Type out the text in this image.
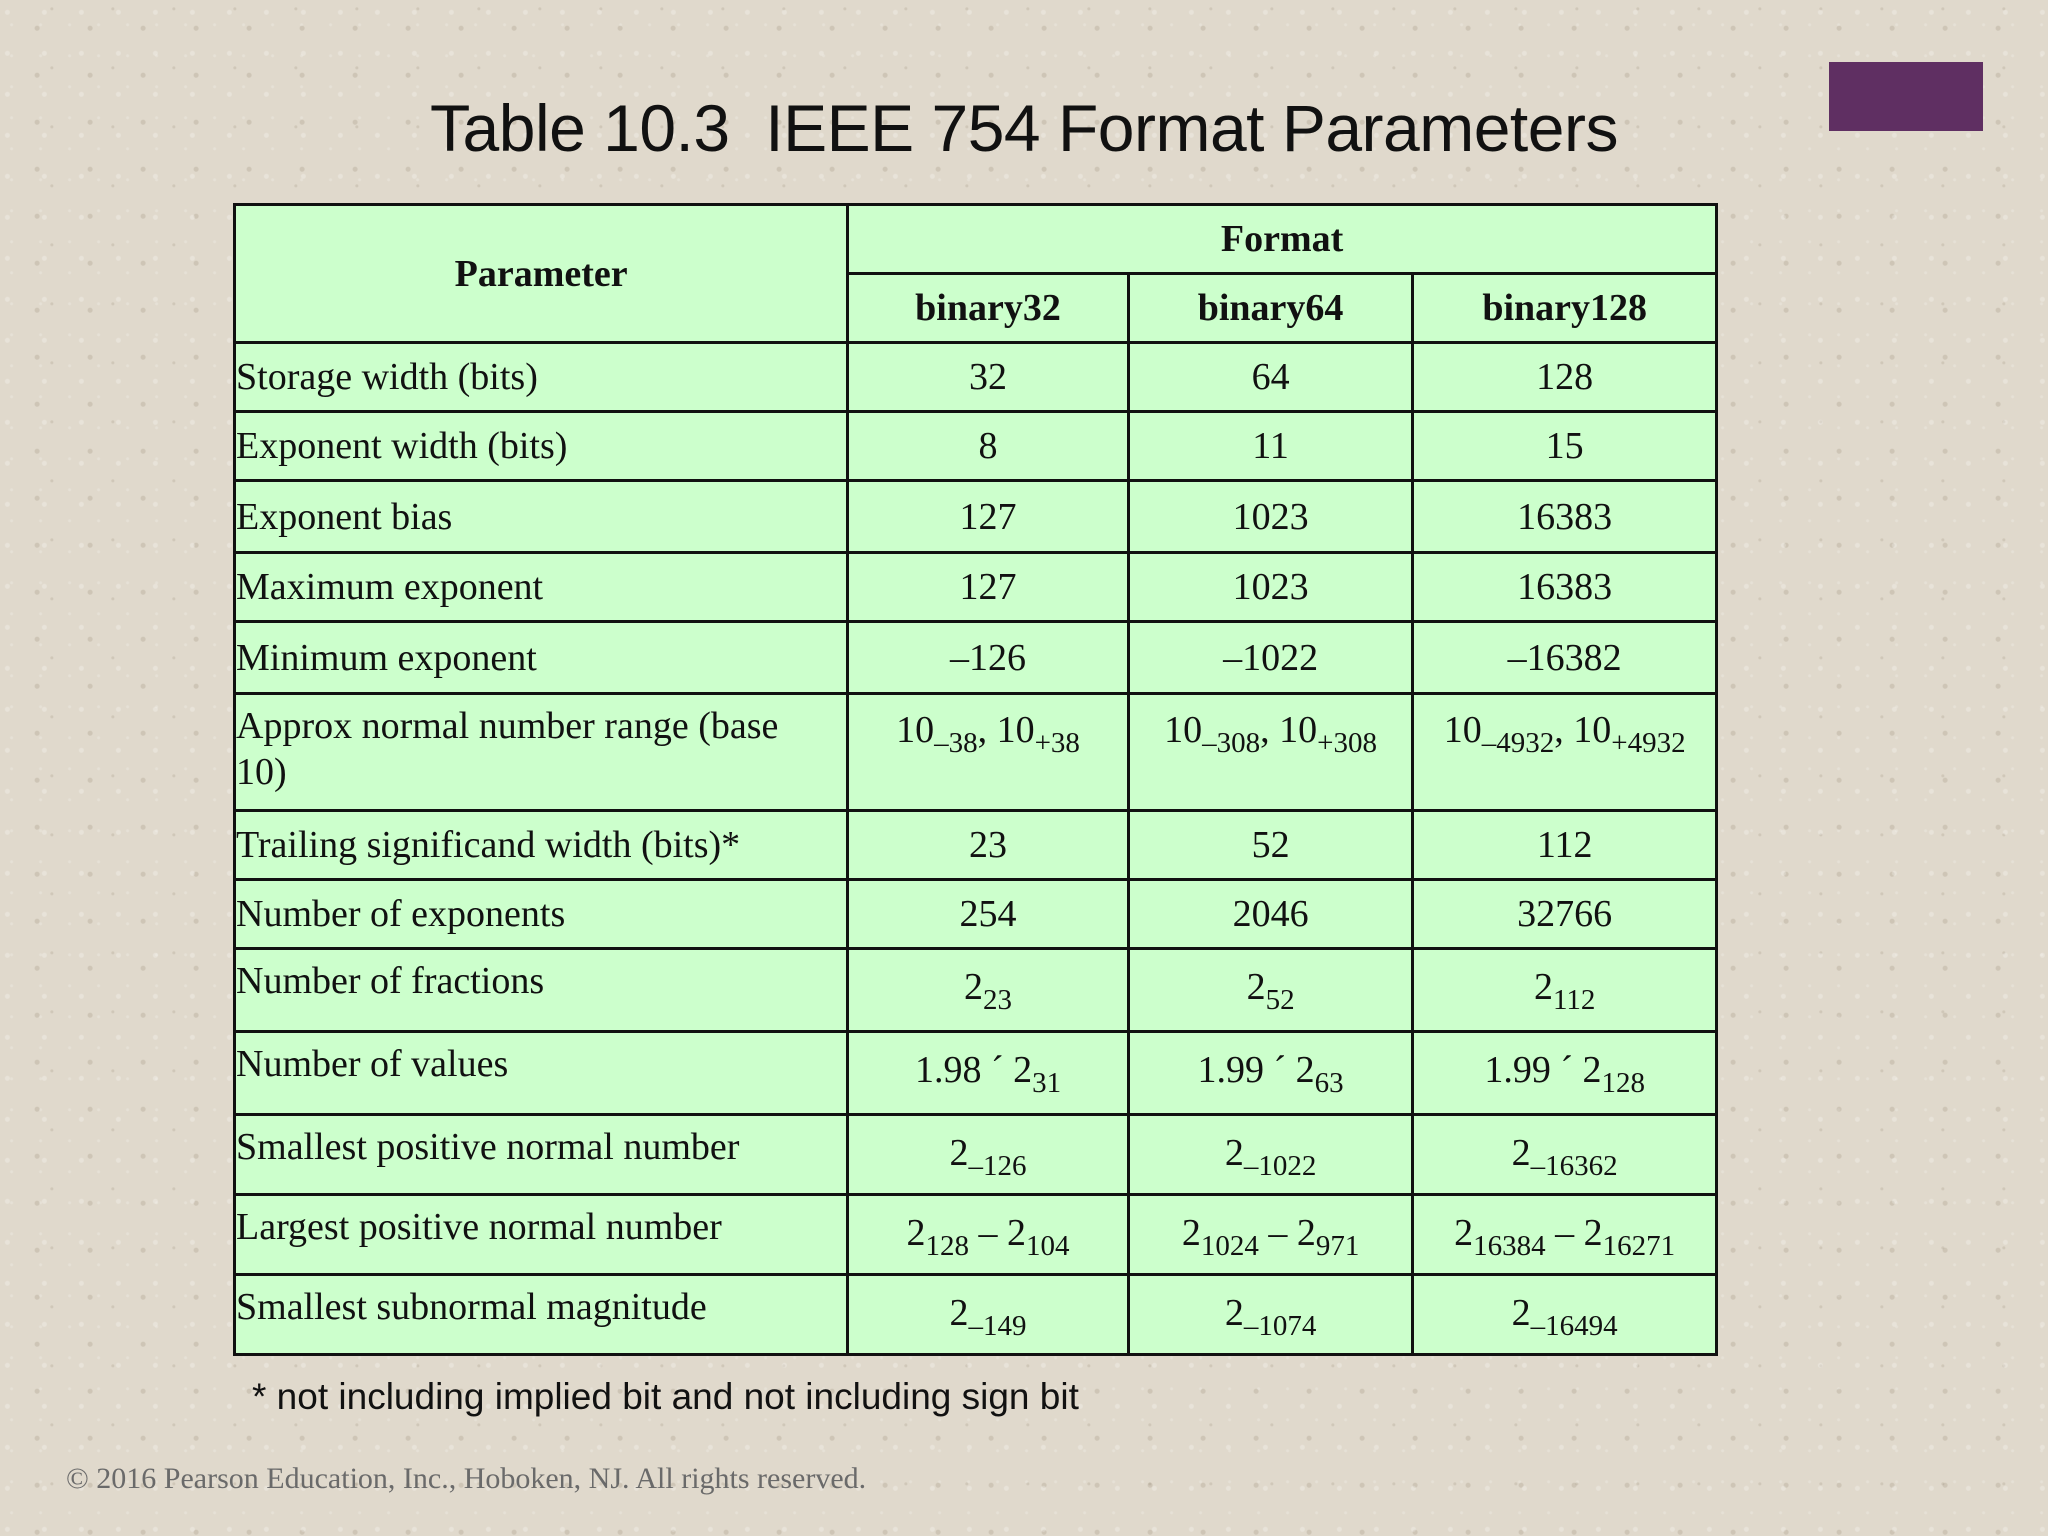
Table 10.3  IEEE 754 Format Parameters
Parameter	Format		
	binary32	binary64	binary128
Storage width (bits)	32	64	128
Exponent width (bits)	8	11	15
Exponent bias	127	1023	16383
Maximum exponent	127	1023	16383
Minimum exponent	–126	–1022	–16382
Approx normal number range (base 10)	$10_{-38}$, $10_{+38}$	$10_{-308}$, $10_{+308}$	$10_{-4932}$, $10_{+4932}$
Trailing significand width (bits)*	23	52	112
Number of exponents	254	2046	32766
Number of fractions	$2_{23}$	$2_{52}$	$2_{112}$
Number of values	1.98 ´ $2_{31}$	1.99 ´ $2_{63}$	1.99 ´ $2_{128}$
Smallest positive normal number	$2_{-126}$	$2_{-1022}$	$2_{-16362}$
Largest positive normal number	$2_{128} - 2_{104}$	$2_{1024} - 2_{971}$	$2_{16384} - 2_{16271}$
Smallest subnormal magnitude	$2_{-149}$	$2_{-1074}$	$2_{-16494}$
* not including implied bit and not including sign bit
© 2016 Pearson Education, Inc., Hoboken, NJ. All rights reserved.
